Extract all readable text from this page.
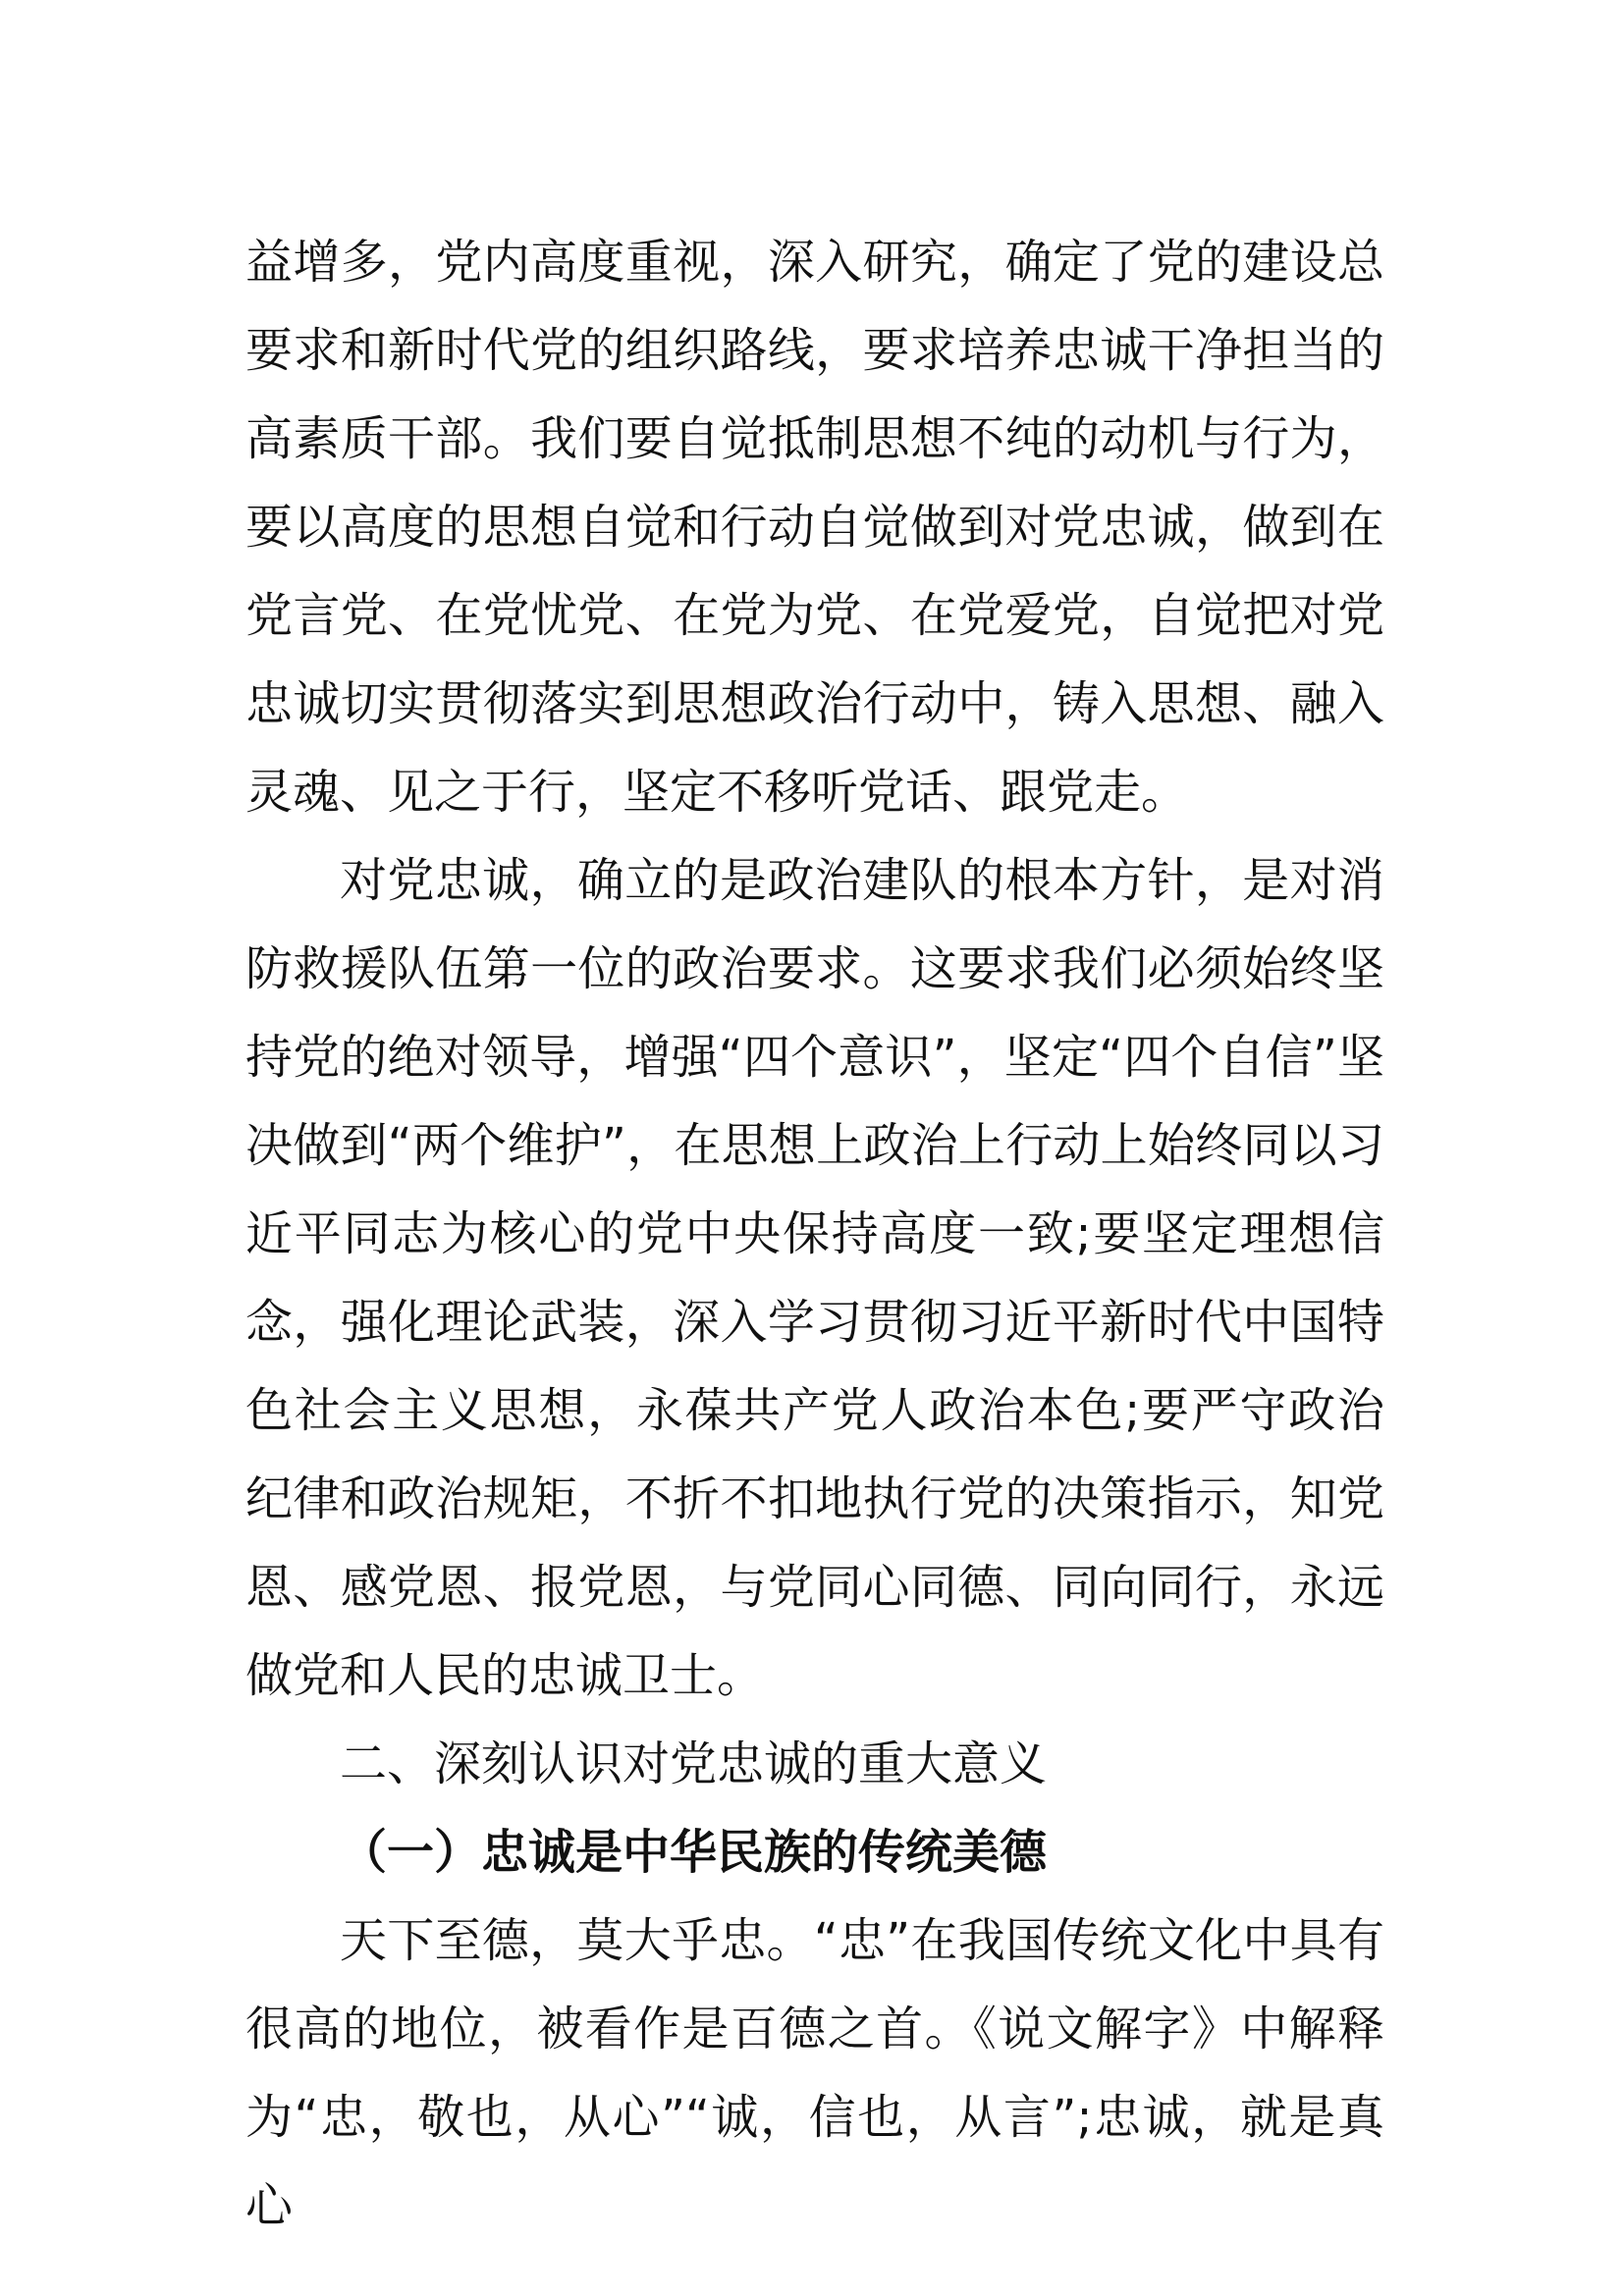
益增多，党内高度重视，深入研究，确定了党的建设总要求和新时代党的组织路线，要求培养忠诚干净担当的高素质干部。我们要自觉抵制思想不纯的动机与行为，要以高度的思想自觉和行动自觉做到对党忠诚，做到在党言党、在党忧党、在党为党、在党爱党，自觉把对党忠诚切实贯彻落实到思想政治行动中，铸入思想、融入灵魂、见之于行，坚定不移听党话、跟党走。

对党忠诚，确立的是政治建队的根本方针，是对消防救援队伍第一位的政治要求。这要求我们必须始终坚持党的绝对领导，增强“四个意识”，坚定“四个自信”坚决做到“两个维护”，在思想上政治上行动上始终同以习近平同志为核心的党中央保持高度一致;要坚定理想信念，强化理论武装，深入学习贯彻习近平新时代中国特色社会主义思想，永葆共产党人政治本色;要严守政治纪律和政治规矩，不折不扣地执行党的决策指示，知党恩、感党恩、报党恩，与党同心同德、同向同行，永远做党和人民的忠诚卫士。

二、深刻认识对党忠诚的重大意义

（一）忠诚是中华民族的传统美德

天下至德，莫大乎忠。“忠”在我国传统文化中具有很高的地位，被看作是百德之首。《说文解字》中解释为“忠，敬也，从心”“诚，信也，从言”;忠诚，就是真心
